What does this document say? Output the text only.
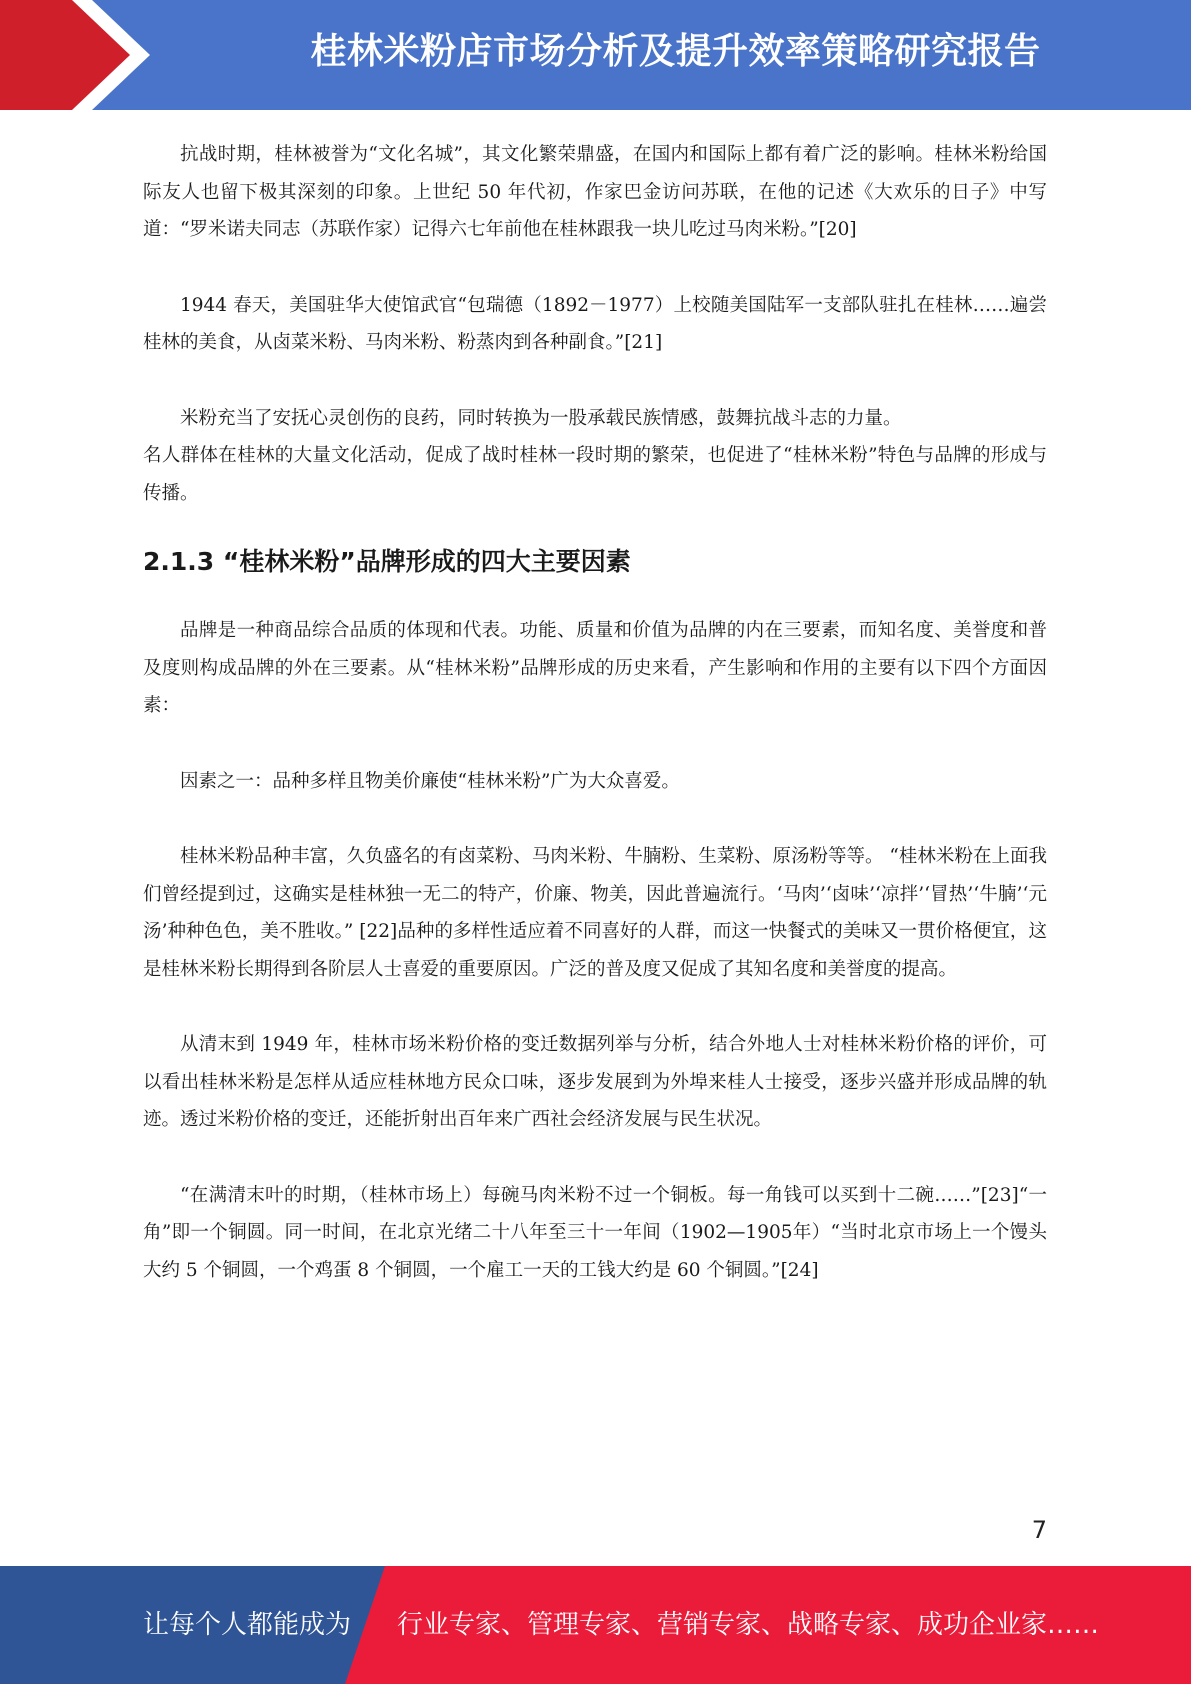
桂林米粉店市场分析及提升效率策略研究报告

抗战时期，桂林被誉为“文化名城”，其文化繁荣鼎盛，在国内和国际上都有着广泛的影响。桂林米粉给国际友人也留下极其深刻的印象。上世纪 50 年代初，作家巴金访问苏联，在他的记述《大欢乐的日子》中写道：“罗米诺夫同志（苏联作家）记得六七年前他在桂林跟我一块儿吃过马肉米粉。”[20]

1944 春天，美国驻华大使馆武官“包瑞德（1892－1977）上校随美国陆军一支部队驻扎在桂林……遍尝桂林的美食，从卤菜米粉、马肉米粉、粉蒸肉到各种副食。”[21]

米粉充当了安抚心灵创伤的良药，同时转换为一股承载民族情感，鼓舞抗战斗志的力量。

名人群体在桂林的大量文化活动，促成了战时桂林一段时期的繁荣，也促进了“桂林米粉”特色与品牌的形成与传播。

2.1.3 “桂林米粉”品牌形成的四大主要因素

品牌是一种商品综合品质的体现和代表。功能、质量和价值为品牌的内在三要素，而知名度、美誉度和普及度则构成品牌的外在三要素。从“桂林米粉”品牌形成的历史来看，产生影响和作用的主要有以下四个方面因素：

因素之一：品种多样且物美价廉使“桂林米粉”广为大众喜爱。

桂林米粉品种丰富，久负盛名的有卤菜粉、马肉米粉、牛腩粉、生菜粉、原汤粉等等。 “桂林米粉在上面我们曾经提到过，这确实是桂林独一无二的特产，价廉、物美，因此普遍流行。‘马肉’‘卤味’‘凉拌’‘冒热’‘牛腩’‘元汤’种种色色，美不胜收。” [22]品种的多样性适应着不同喜好的人群，而这一快餐式的美味又一贯价格便宜，这是桂林米粉长期得到各阶层人士喜爱的重要原因。广泛的普及度又促成了其知名度和美誉度的提高。

从清末到 1949 年，桂林市场米粉价格的变迁数据列举与分析，结合外地人士对桂林米粉价格的评价，可以看出桂林米粉是怎样从适应桂林地方民众口味，逐步发展到为外埠来桂人士接受，逐步兴盛并形成品牌的轨迹。透过米粉价格的变迁，还能折射出百年来广西社会经济发展与民生状况。

“在满清末叶的时期，（桂林市场上）每碗马肉米粉不过一个铜板。每一角钱可以买到十二碗……”[23]“一角”即一个铜圆。同一时间，在北京光绪二十八年至三十一年间（1902—1905年）“当时北京市场上一个馒头大约 5 个铜圆，一个鸡蛋 8 个铜圆，一个雇工一天的工钱大约是 60 个铜圆。”[24]

7
让每个人都能成为 行业专家、管理专家、营销专家、战略专家、成功企业家……
